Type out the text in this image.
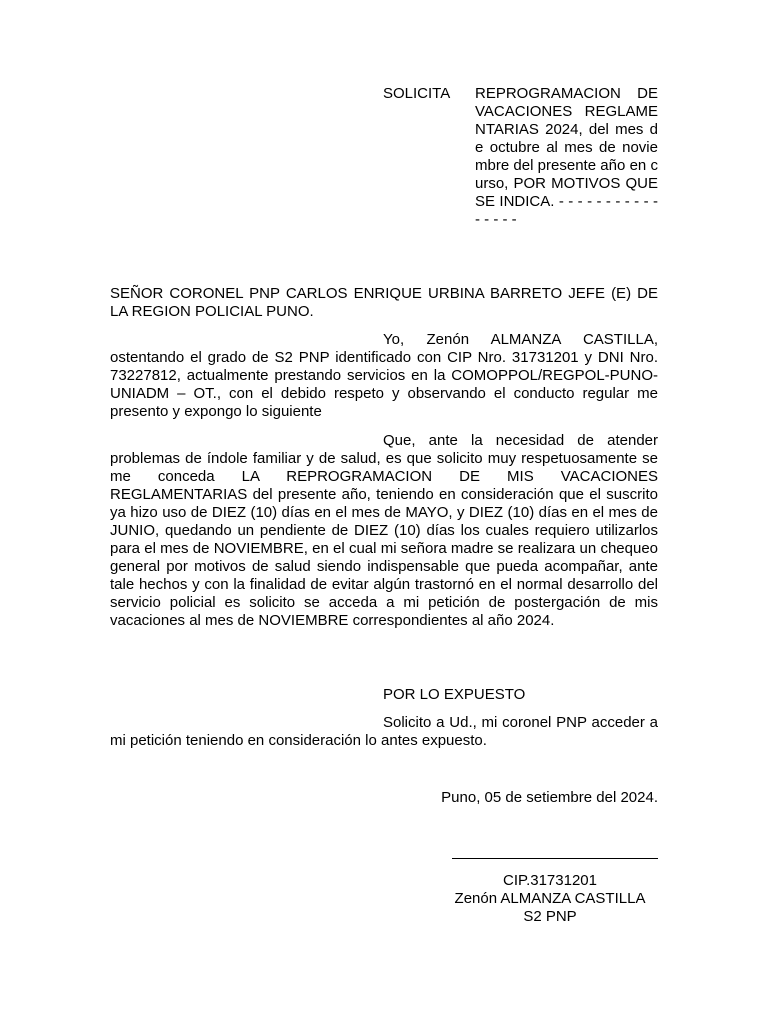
SOLICITA REPROGRAMACION DE VACACIONES REGLAMENTARIAS 2024, del mes de octubre al mes de noviembre del presente año en curso, POR MOTIVOS QUE SE INDICA. - - - - - - - - - - - - - - - -
SEÑOR CORONEL PNP CARLOS ENRIQUE URBINA BARRETO JEFE (E) DE LA REGION POLICIAL PUNO.
Yo, Zenón ALMANZA CASTILLA, ostentando el grado de S2 PNP identificado con CIP Nro. 31731201 y DNI Nro. 73227812, actualmente prestando servicios en la COMOPPOL/REGPOL-PUNO-UNIADM – OT., con el debido respeto y observando el conducto regular me presento y expongo lo siguiente
Que, ante la necesidad de atender problemas de índole familiar y de salud, es que solicito muy respetuosamente se me conceda LA REPROGRAMACION DE MIS VACACIONES REGLAMENTARIAS del presente año, teniendo en consideración que el suscrito ya hizo uso de DIEZ (10) días en el mes de MAYO, y DIEZ (10) días en el mes de JUNIO, quedando un pendiente de DIEZ (10) días los cuales requiero utilizarlos para el mes de NOVIEMBRE, en el cual mi señora madre se realizara un chequeo general por motivos de salud siendo indispensable que pueda acompañar, ante tale hechos y con la finalidad de evitar algún trastornó en el normal desarrollo del servicio policial es solicito se acceda a mi petición de postergación de mis vacaciones al mes de NOVIEMBRE correspondientes al año 2024.
POR LO EXPUESTO
Solicito a Ud., mi coronel PNP acceder a mi petición teniendo en consideración lo antes expuesto.
Puno, 05 de setiembre del 2024.
CIP.31731201
Zenón ALMANZA CASTILLA
S2 PNP
